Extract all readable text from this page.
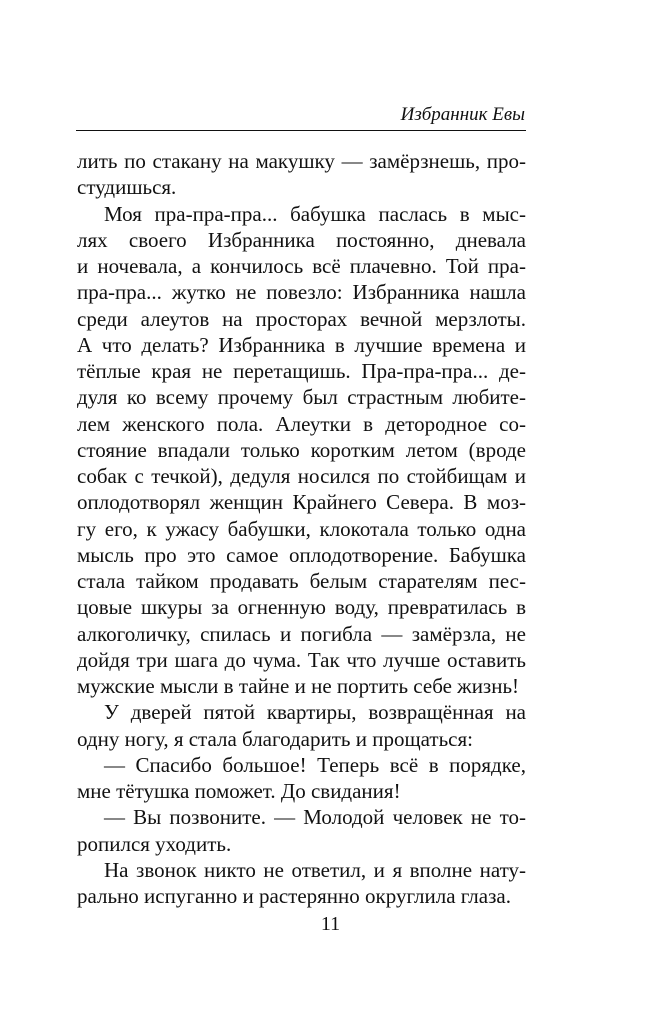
Избранник Евы
лить по стакану на макушку — замёрзнешь, про-
студишься.
Моя пра-пра-пра... бабушка паслась в мыс-
лях своего Избранника постоянно, дневала
и ночевала, а кончилось всё плачевно. Той пра-
пра-пра... жутко не повезло: Избранника нашла
среди алеутов на просторах вечной мерзлоты.
А что делать? Избранника в лучшие времена и
тёплые края не перетащишь. Пра-пра-пра... де-
дуля ко всему прочему был страстным любите-
лем женского пола. Алеутки в детородное со-
стояние впадали только коротким летом (вроде
собак с течкой), дедуля носился по стойбищам и
оплодотворял женщин Крайнего Севера. В моз-
гу его, к ужасу бабушки, клокотала только одна
мысль про это самое оплодотворение. Бабушка
стала тайком продавать белым старателям пес-
цовые шкуры за огненную воду, превратилась в
алкоголичку, спилась и погибла — замёрзла, не
дойдя три шага до чума. Так что лучше оставить
мужские мысли в тайне и не портить себе жизнь!
У дверей пятой квартиры, возвращённая на
одну ногу, я стала благодарить и прощаться:
— Спасибо большое! Теперь всё в порядке,
мне тётушка поможет. До свидания!
— Вы позвоните. — Молодой человек не то-
ропился уходить.
На звонок никто не ответил, и я вполне нату-
рально испуганно и растерянно округлила глаза.
11
